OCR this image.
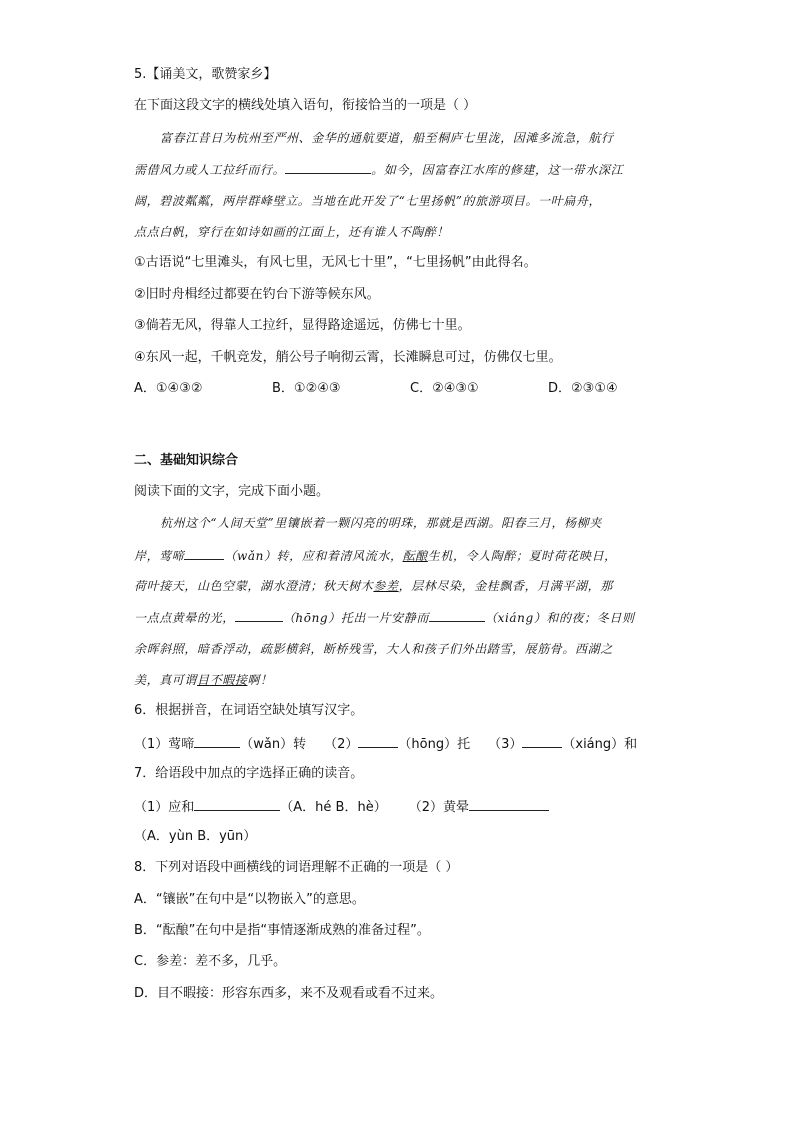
5.【诵美文，歌赞家乡】
在下面这段文字的横线处填入语句，衔接恰当的一项是（ ）
富春江昔日为杭州至严州、金华的通航要道，船至桐庐七里泷，因滩多流急，航行
需借风力或人工拉纤而行。	。如今，因富春江水库的修建，这一带水深江
阔，碧波粼粼，两岸群峰壁立。当地在此开发了“七里扬帆”的旅游项目。一叶扁舟，
点点白帆，穿行在如诗如画的江面上，还有谁人不陶醉！
①古语说“七里滩头，有风七里，无风七十里”，“七里扬帆”由此得名。
②旧时舟楫经过都要在钓台下游等候东风。
③倘若无风，得靠人工拉纤，显得路途遥远，仿佛七十里。
④东风一起，千帆竞发，艄公号子响彻云霄，长滩瞬息可过，仿佛仅七里。
A．①④③②	B．①②④③	C．②④③①	D．②③①④
二、基础知识综合
阅读下面的文字，完成下面小题。
杭州这个“人间天堂”里镶嵌着一颗闪亮的明珠，那就是西湖。阳春三月，杨柳夹
岸，莺啼	（wǎn）转，应和着清风流水，酝酿生机，令人陶醉；夏时荷花映日，
荷叶接天，山色空蒙，湖水澄清；秋天树木参差，层林尽染，金桂飘香，月满平湖，那
一点点黄晕的光，	（hōng）托出一片安静而	（xiáng）和的夜；冬日则
余晖斜照，暗香浮动，疏影横斜，断桥残雪，大人和孩子们外出踏雪，展筋骨。西湖之
美，真可谓目不暇接啊！
6．根据拼音，在词语空缺处填写汉字。
（1）莺啼	（wǎn）转 （2）	（hōng）托 （3）	（xiáng）和
7．给语段中加点的字选择正确的读音。
（1）应和	（A．hé B．hè） （2）黄晕
（A．yùn B．yūn）
8．下列对语段中画横线的词语理解不正确的一项是（ ）
A．“镶嵌”在句中是“以物嵌入”的意思。
B．“酝酿”在句中是指“事情逐渐成熟的准备过程”。
C．参差：差不多，几乎。
D．目不暇接：形容东西多，来不及观看或看不过来。
